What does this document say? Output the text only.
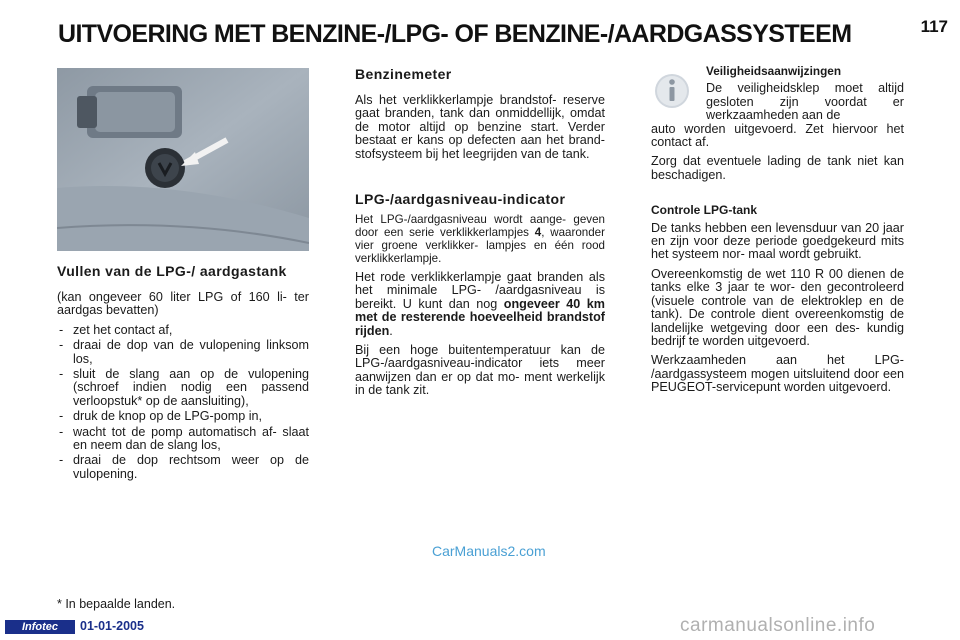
UITVOERING MET BENZINE-/LPG- OF BENZINE-/AARDGASSYSTEEM	117
Vullen van de LPG-/ aardgastank

(kan ongeveer 60 liter LPG of 160 li- ter aardgas bevatten)

- zet het contact af,
- draai de dop van de vulopening linksom los,
- sluit de slang aan op de vulopening (schroef indien nodig een passend verloopstuk* op de aansluiting),
- druk de knop op de LPG-pomp in,
- wacht tot de pomp automatisch af- slaat en neem dan de slang los,
- draai de dop rechtsom weer op de vulopening.
Benzinemeter

Als het verklikkerlampje brandstof- reserve gaat branden, tank dan onmiddellijk, omdat de motor altijd op benzine start. Verder bestaat er kans op defecten aan het brand- stofsysteem bij het leegrijden van de tank.

LPG-/aardgasniveau-indicator

Het LPG-/aardgasniveau wordt aange- geven door een serie verklikkerlampjes 4, waaronder vier groene verklikker- lampjes en één rood verklikkerlampje.

Het rode verklikkerlampje gaat branden als het minimale LPG- /aardgasniveau is bereikt. U kunt dan nog ongeveer 40 km met de resterende hoeveelheid brandstof rijden.

Bij een hoge buitentemperatuur kan de LPG-/aardgasniveau-indicator iets meer aanwijzen dan er op dat mo- ment werkelijk in de tank zit.

Veiligheidsaanwijzingen

De veiligheidsklep moet altijd gesloten zijn voordat er werkzaamheden aan de

auto worden uitgevoerd. Zet hiervoor het contact af.

Zorg dat eventuele lading de tank niet kan beschadigen.

Controle LPG-tank

De tanks hebben een levensduur van 20 jaar en zijn voor deze periode goedgekeurd mits het systeem nor- maal wordt gebruikt.

Overeenkomstig de wet 110 R 00 dienen de tanks elke 3 jaar te wor- den gecontroleerd (visuele controle van de elektroklep en de tank). De controle dient overeenkomstig de landelijke wetgeving door een des- kundig bedrijf te worden uitgevoerd.

Werkzaamheden aan het LPG- /aardgassysteem mogen uitsluitend door een PEUGEOT-servicepunt worden uitgevoerd.

CarManuals2.com
* In bepaalde landen.
Infotec	01-01-2005	carmanualsonline.info
